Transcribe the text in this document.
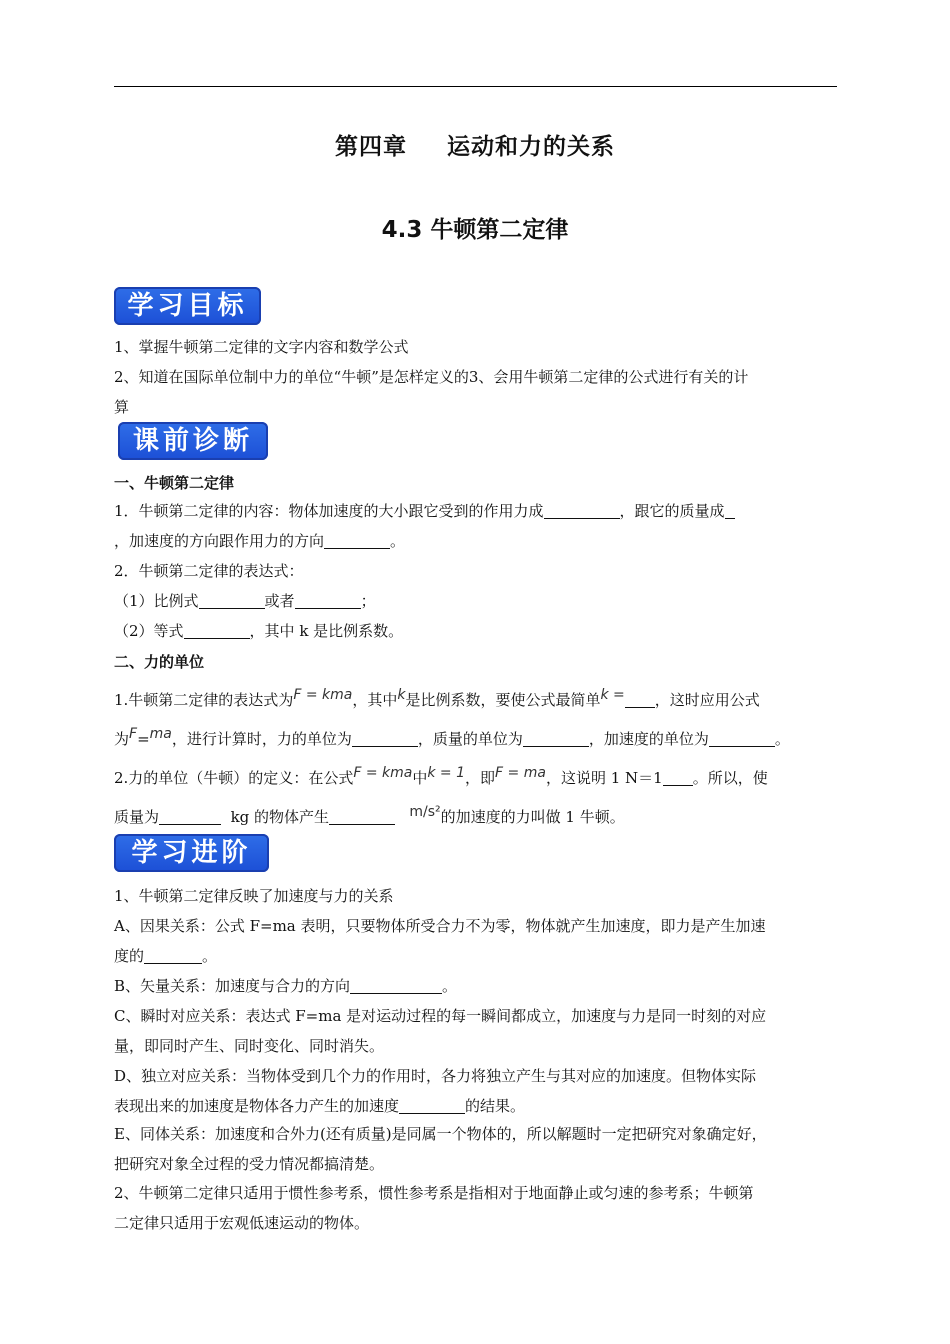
第四章 运动和力的关系
4.3 牛顿第二定律
学习目标
1、掌握牛顿第二定律的文字内容和数学公式
2、知道在国际单位制中力的单位“牛顿”是怎样定义的3、会用牛顿第二定律的公式进行有关的计
算
课前诊断
一、牛顿第二定律
1．牛顿第二定律的内容：物体加速度的大小跟它受到的作用力成	，跟它的质量成
，加速度的方向跟作用力的方向	。
2．牛顿第二定律的表达式：
（1）比例式	或者	；
（2）等式	，其中 k 是比例系数。
二、力的单位
1.牛顿第二定律的表达式为F = kma，其中k是比例系数，要使公式最简单k = ，这时应用公式
为F=ma，进行计算时，力的单位为	，质量的单位为	，加速度的单位为	。
2.力的单位（牛顿）的定义：在公式F = kma中k = 1，即F = ma，这说明 1 N＝1 。所以，使
质量为	kg 的物体产生	m/s²的加速度的力叫做 1 牛顿。
学习进阶
1、牛顿第二定律反映了加速度与力的关系
A、因果关系：公式 F=ma 表明，只要物体所受合力不为零，物体就产生加速度，即力是产生加速
度的	。
B、矢量关系：加速度与合力的方向	。
C、瞬时对应关系：表达式 F=ma 是对运动过程的每一瞬间都成立，加速度与力是同一时刻的对应
量，即同时产生、同时变化、同时消失。
D、独立对应关系：当物体受到几个力的作用时，各力将独立产生与其对应的加速度。但物体实际
表现出来的加速度是物体各力产生的加速度	的结果。
E、同体关系：加速度和合外力(还有质量)是同属一个物体的，所以解题时一定把研究对象确定好，
把研究对象全过程的受力情况都搞清楚。
2、牛顿第二定律只适用于惯性参考系，惯性参考系是指相对于地面静止或匀速的参考系；牛顿第
二定律只适用于宏观低速运动的物体。
